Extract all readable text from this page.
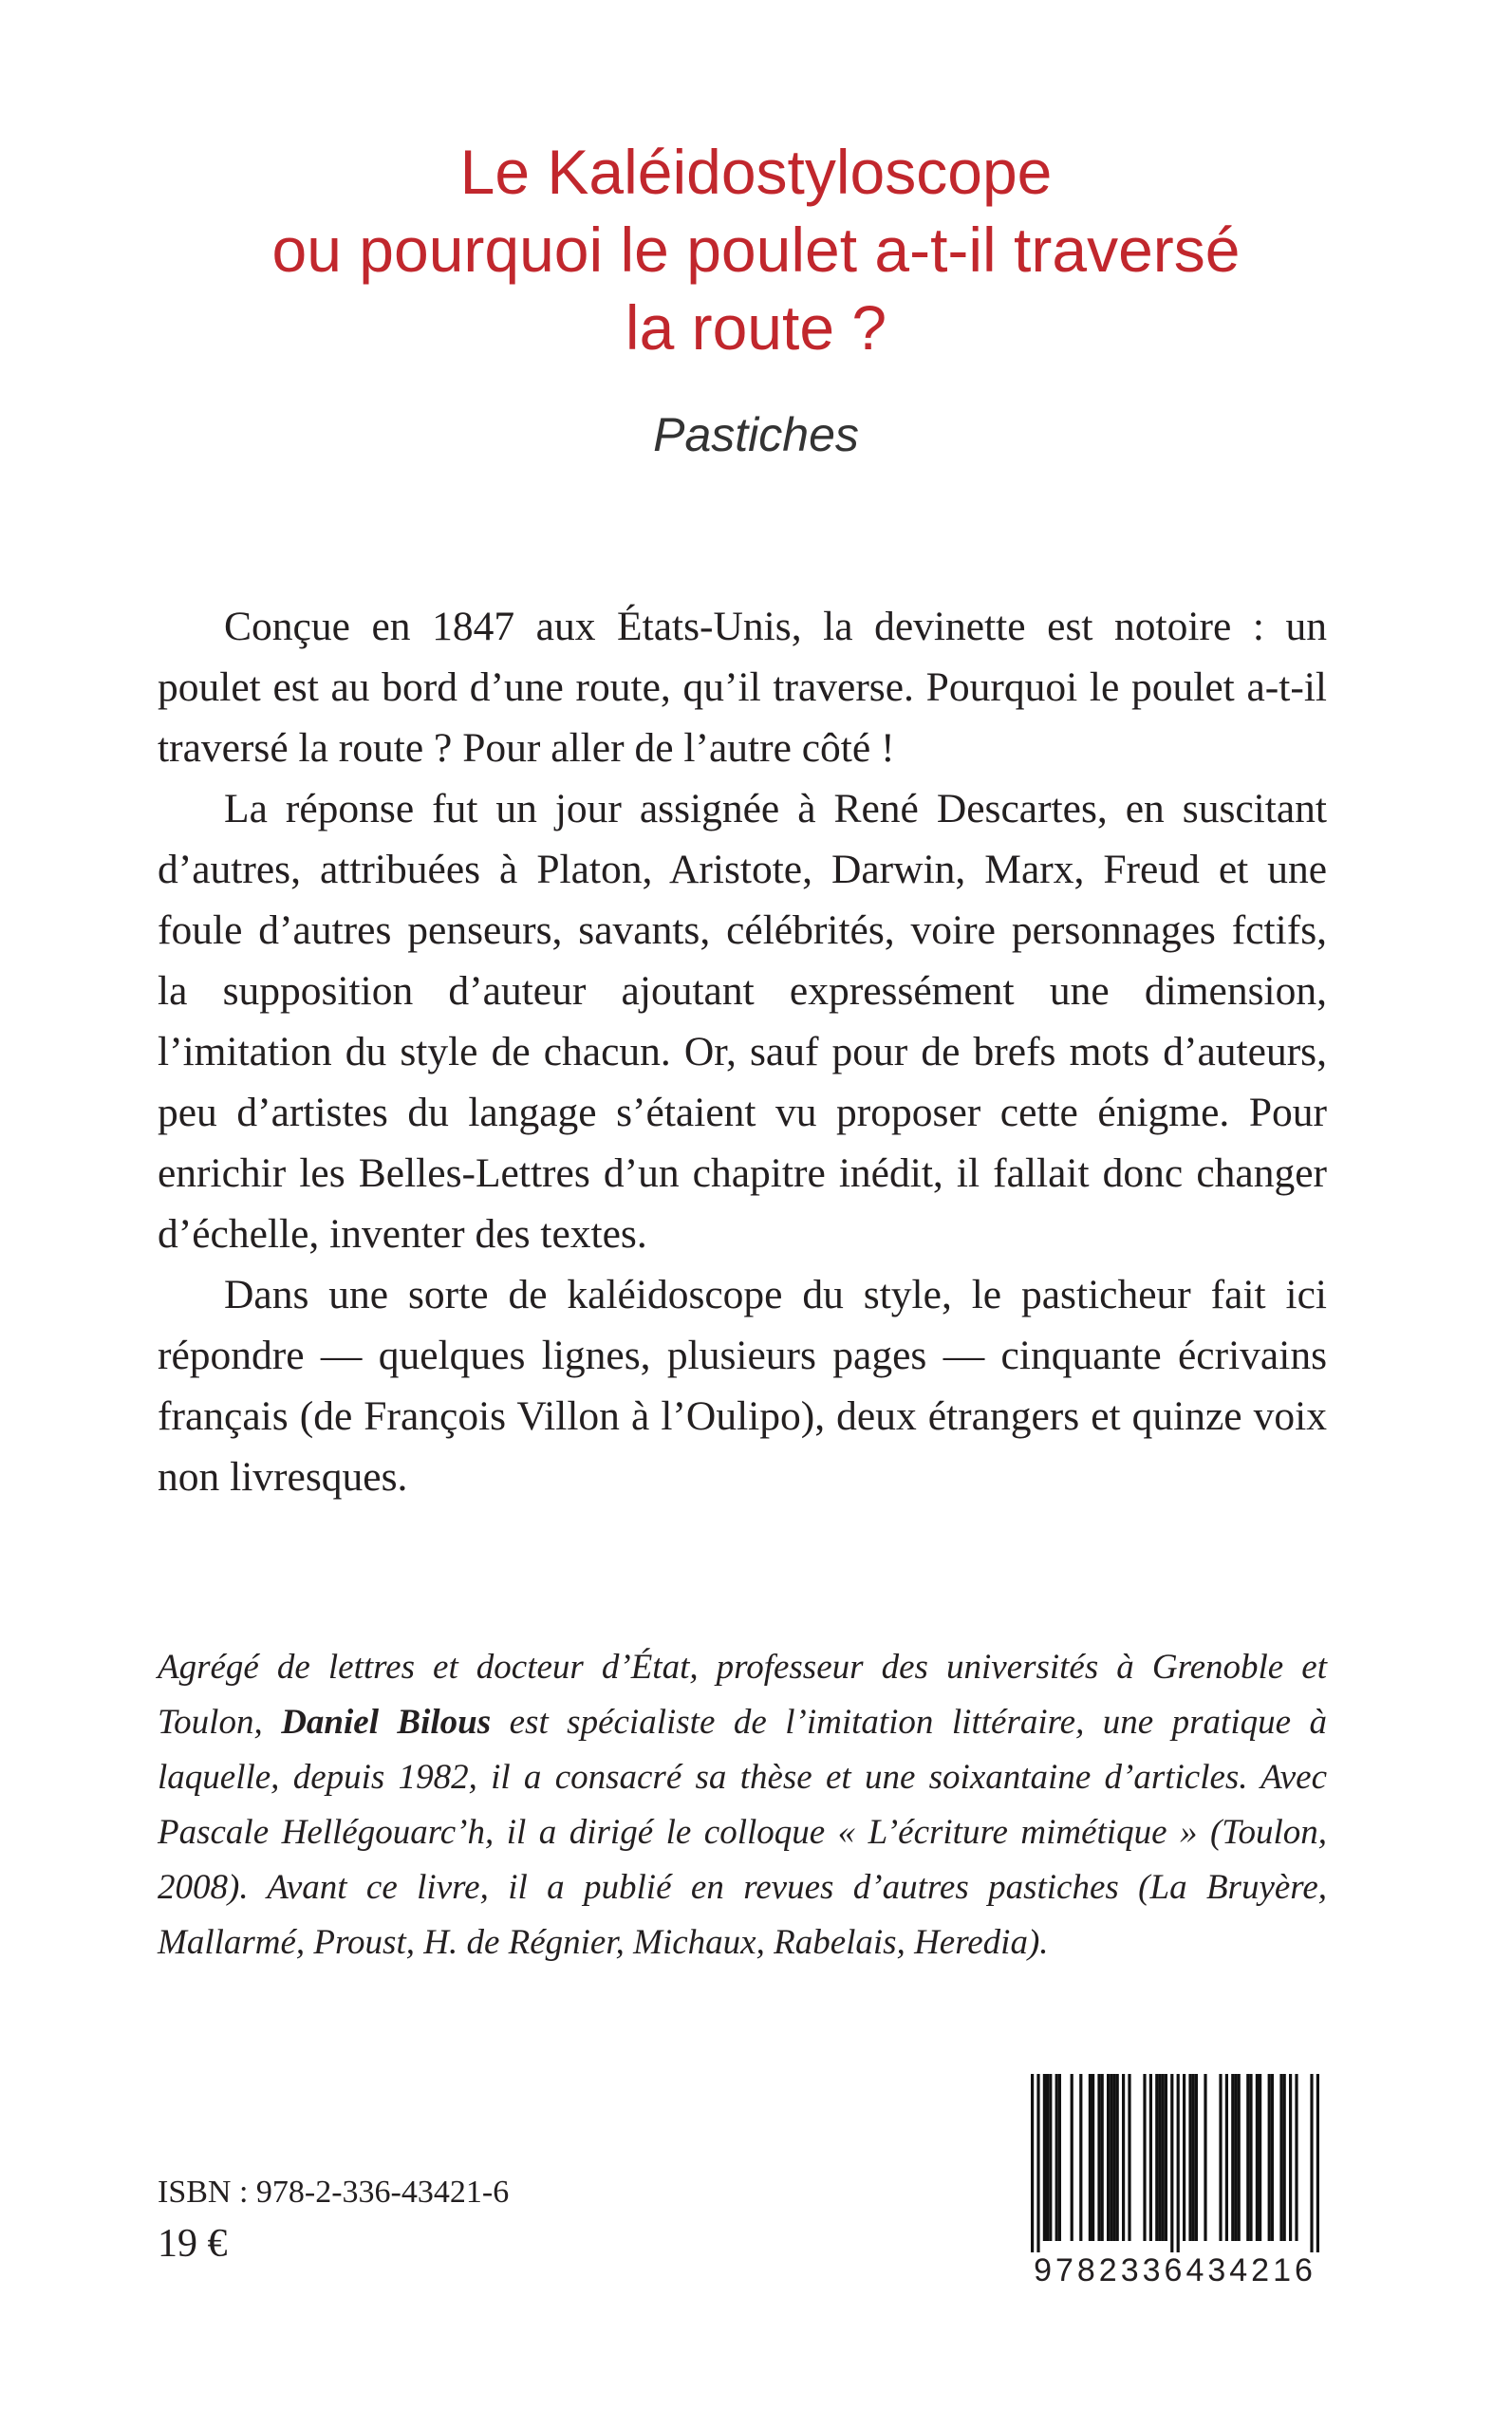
Le Kaléidostyloscope
ou pourquoi le poulet a-t-il traversé
la route ?
Pastiches

Conçue en 1847 aux États-Unis, la devinette est notoire : un poulet est au bord d’une route, qu’il traverse. Pourquoi le poulet a-t-il traversé la route ? Pour aller de l’autre côté !

La réponse fut un jour assignée à René Descartes, en suscitant d’autres, attribuées à Platon, Aristote, Darwin, Marx, Freud et une foule d’autres penseurs, savants, célébrités, voire personnages fctifs, la supposition d’auteur ajoutant expressément une dimension, l’imitation du style de chacun. Or, sauf pour de brefs mots d’auteurs, peu d’artistes du langage s’étaient vu proposer cette énigme. Pour enrichir les Belles-Lettres d’un chapitre inédit, il fallait donc changer d’échelle, inventer des textes.

Dans une sorte de kaléidoscope du style, le pasticheur fait ici répondre — quelques lignes, plusieurs pages — cinquante écrivains français (de François Villon à l’Oulipo), deux étrangers et quinze voix non livresques.

Agrégé de lettres et docteur d’État, professeur des universités à Grenoble et Toulon, Daniel Bilous est spécialiste de l’imitation littéraire, une pratique à laquelle, depuis 1982, il a consacré sa thèse et une soixantaine d’articles. Avec Pascale Hellégouarc’h, il a dirigé le colloque « L’écriture mimétique » (Toulon, 2008). Avant ce livre, il a publié en revues d’autres pastiches (La Bruyère, Mallarmé, Proust, H. de Régnier, Michaux, Rabelais, Heredia).

ISBN : 978-2-336-43421-6
19 €
9782336434216
